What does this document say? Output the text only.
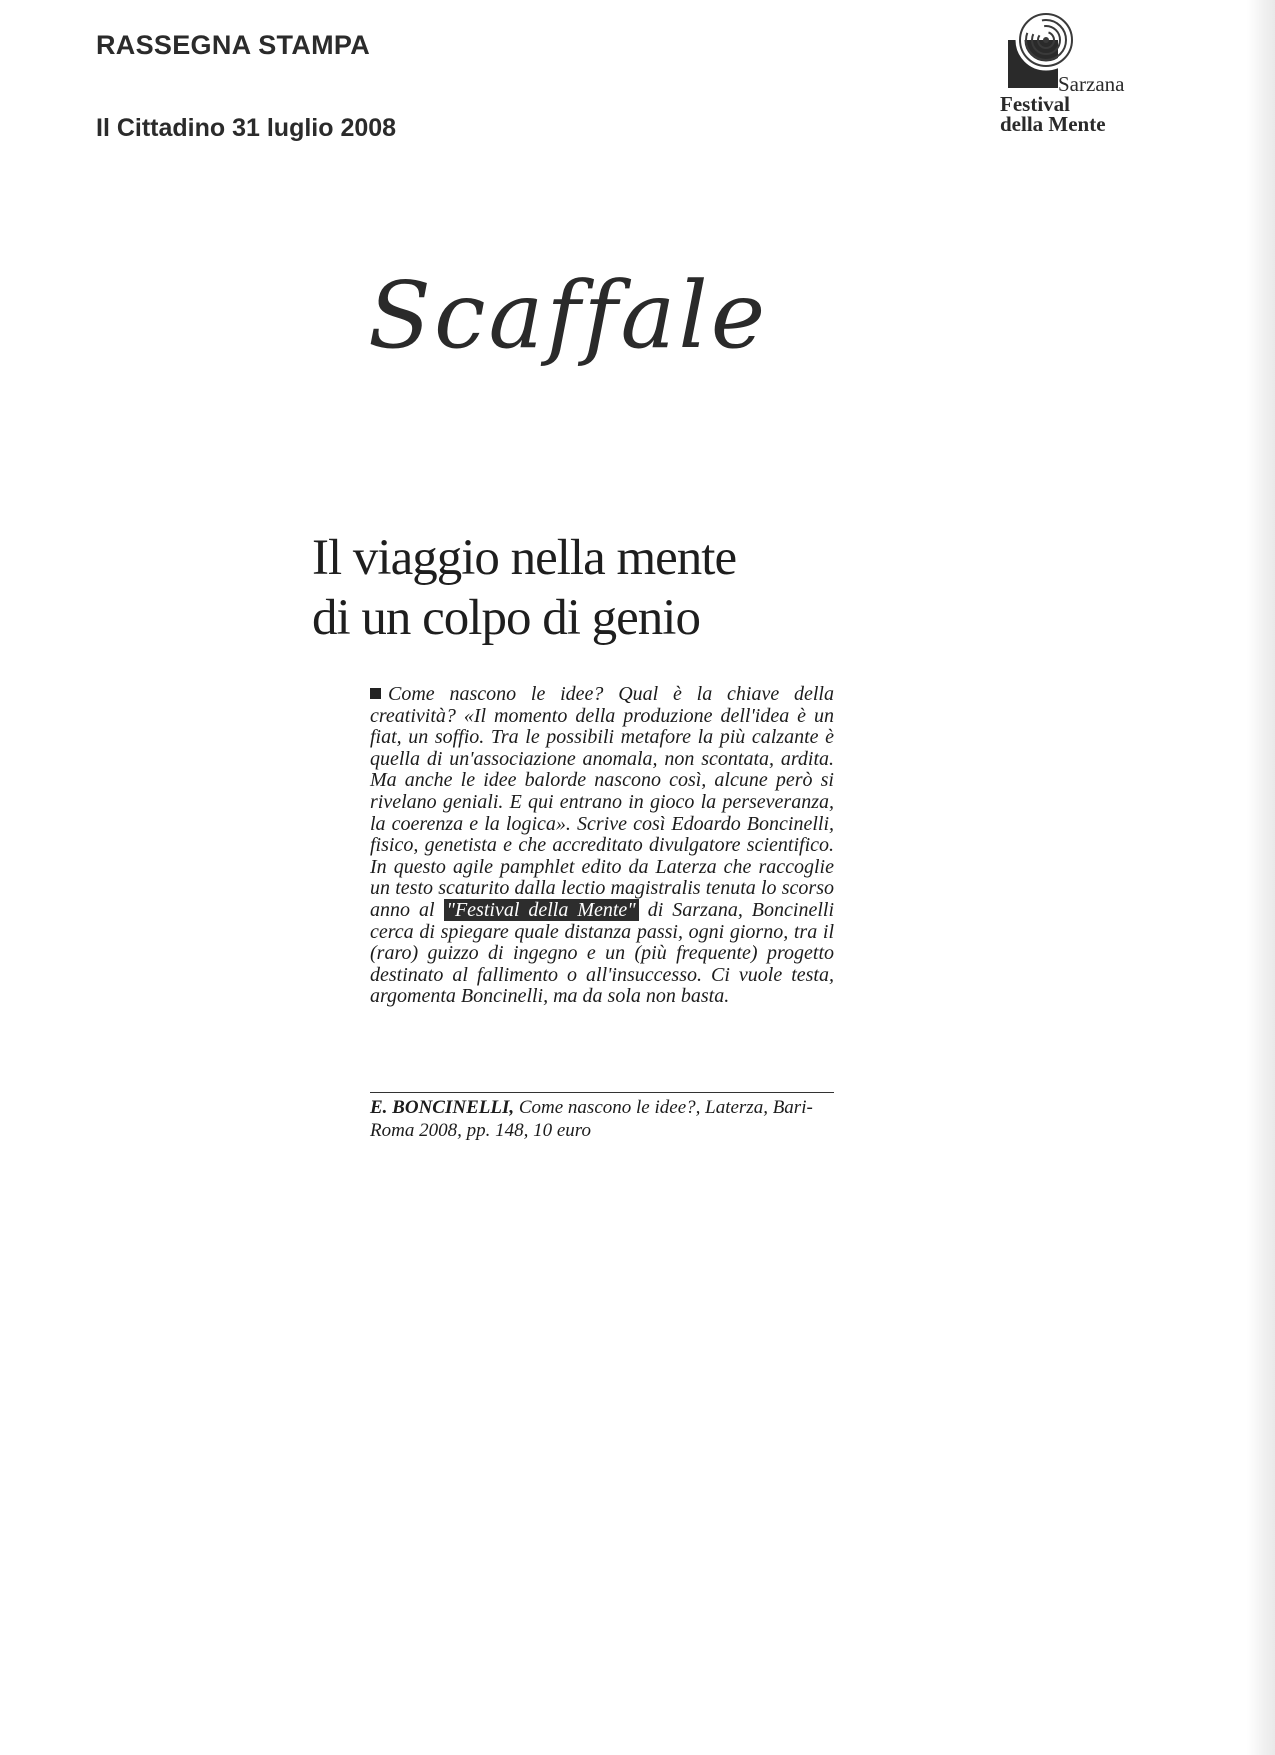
RASSEGNA STAMPA
Il Cittadino 31 luglio 2008
Sarzana
Festival
della Mente
Scaffale
Il viaggio nella mente
di un colpo di genio
Come nascono le idee? Qual è la chiave della creatività? «Il momento della produzione dell'idea è un fiat, un soffio. Tra le possibili metafore la più calzante è quella di un'associazione anomala, non scontata, ardita. Ma anche le idee balorde nascono così, alcune però si rivelano geniali. E qui entrano in gioco la perseveranza, la coerenza e la logica». Scrive così Edoardo Boncinelli, fisico, genetista e che accreditato divulgatore scientifico. In questo agile pamphlet edito da Laterza che raccoglie un testo scaturito dalla lectio magistralis tenuta lo scorso anno al "Festival della Mente" di Sarzana, Boncinelli cerca di spiegare quale distanza passi, ogni giorno, tra il (raro) guizzo di ingegno e un (più frequente) progetto destinato al fallimento o all'insuccesso. Ci vuole testa, argomenta Boncinelli, ma da sola non basta.
E. BONCINELLI, Come nascono le idee?, Laterza, Bari-Roma 2008, pp. 148, 10 euro
